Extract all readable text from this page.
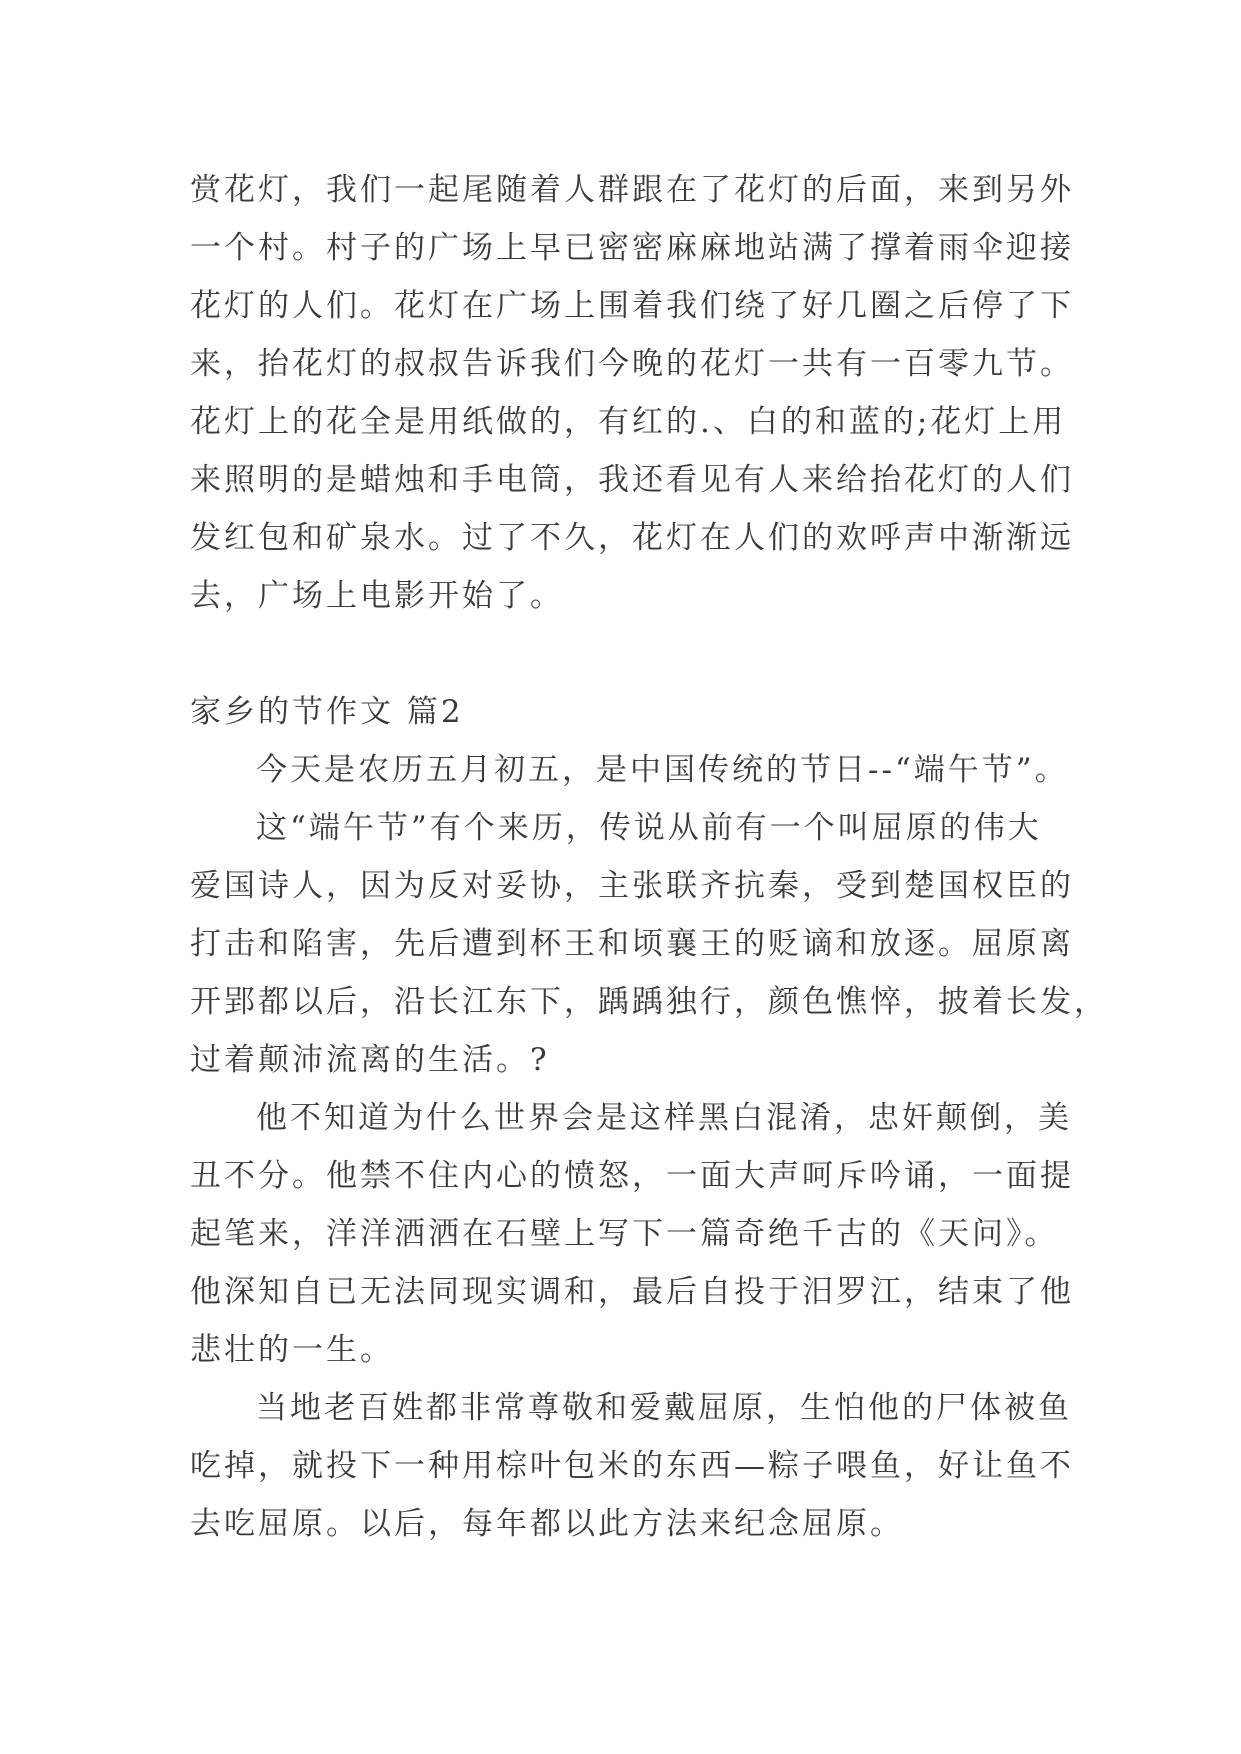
赏花灯，我们一起尾随着人群跟在了花灯的后面，来到另外
一个村。村子的广场上早已密密麻麻地站满了撑着雨伞迎接
花灯的人们。花灯在广场上围着我们绕了好几圈之后停了下
来，抬花灯的叔叔告诉我们今晚的花灯一共有一百零九节。
花灯上的花全是用纸做的，有红的.、白的和蓝的;花灯上用
来照明的是蜡烛和手电筒，我还看见有人来给抬花灯的人们
发红包和矿泉水。过了不久，花灯在人们的欢呼声中渐渐远
去，广场上电影开始了。
家乡的节作文 篇2
今天是农历五月初五，是中国传统的节日--“端午节”。
这“端午节”有个来历，传说从前有一个叫屈原的伟大
爱国诗人，因为反对妥协，主张联齐抗秦，受到楚国权臣的
打击和陷害，先后遭到杯王和顷襄王的贬谪和放逐。屈原离
开郢都以后，沿长江东下，踽踽独行，颜色憔悴，披着长发，
过着颠沛流离的生活。?
他不知道为什么世界会是这样黑白混淆，忠奸颠倒，美
丑不分。他禁不住内心的愤怒，一面大声呵斥吟诵，一面提
起笔来，洋洋洒洒在石壁上写下一篇奇绝千古的《天问》。
他深知自已无法同现实调和，最后自投于汨罗江，结束了他
悲壮的一生。
当地老百姓都非常尊敬和爱戴屈原，生怕他的尸体被鱼
吃掉，就投下一种用棕叶包米的东西—粽子喂鱼，好让鱼不
去吃屈原。以后，每年都以此方法来纪念屈原。
